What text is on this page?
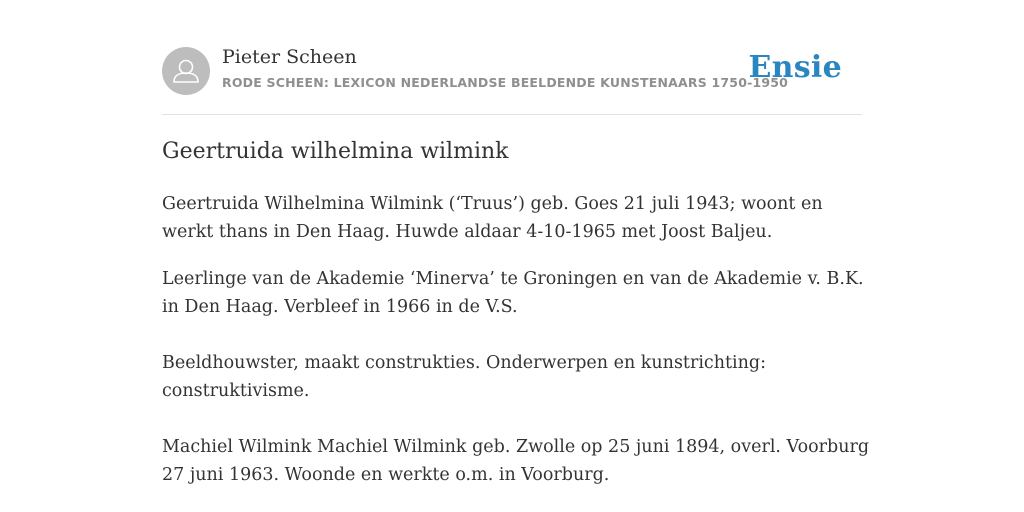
Pieter Scheen
RODE SCHEEN: LEXICON NEDERLANDSE BEELDENDE KUNSTENAARS 1750-1950
Ensie
Geertruida wilhelmina wilmink

Geertruida Wilhelmina Wilmink (‘Truus’) geb. Goes 21 juli 1943; woont en werkt thans in Den Haag. Huwde aldaar 4-10-1965 met Joost Baljeu.

Leerlinge van de Akademie ‘Minerva’ te Groningen en van de Akademie v. B.K. in Den Haag. Verbleef in 1966 in de V.S.

Beeldhouwster, maakt construkties. Onderwerpen en kunstrichting: construktivisme.

Machiel Wilmink Machiel Wilmink geb. Zwolle op 25 juni 1894, overl. Voorburg 27 juni 1963. Woonde en werkte o.m. in Voorburg.
